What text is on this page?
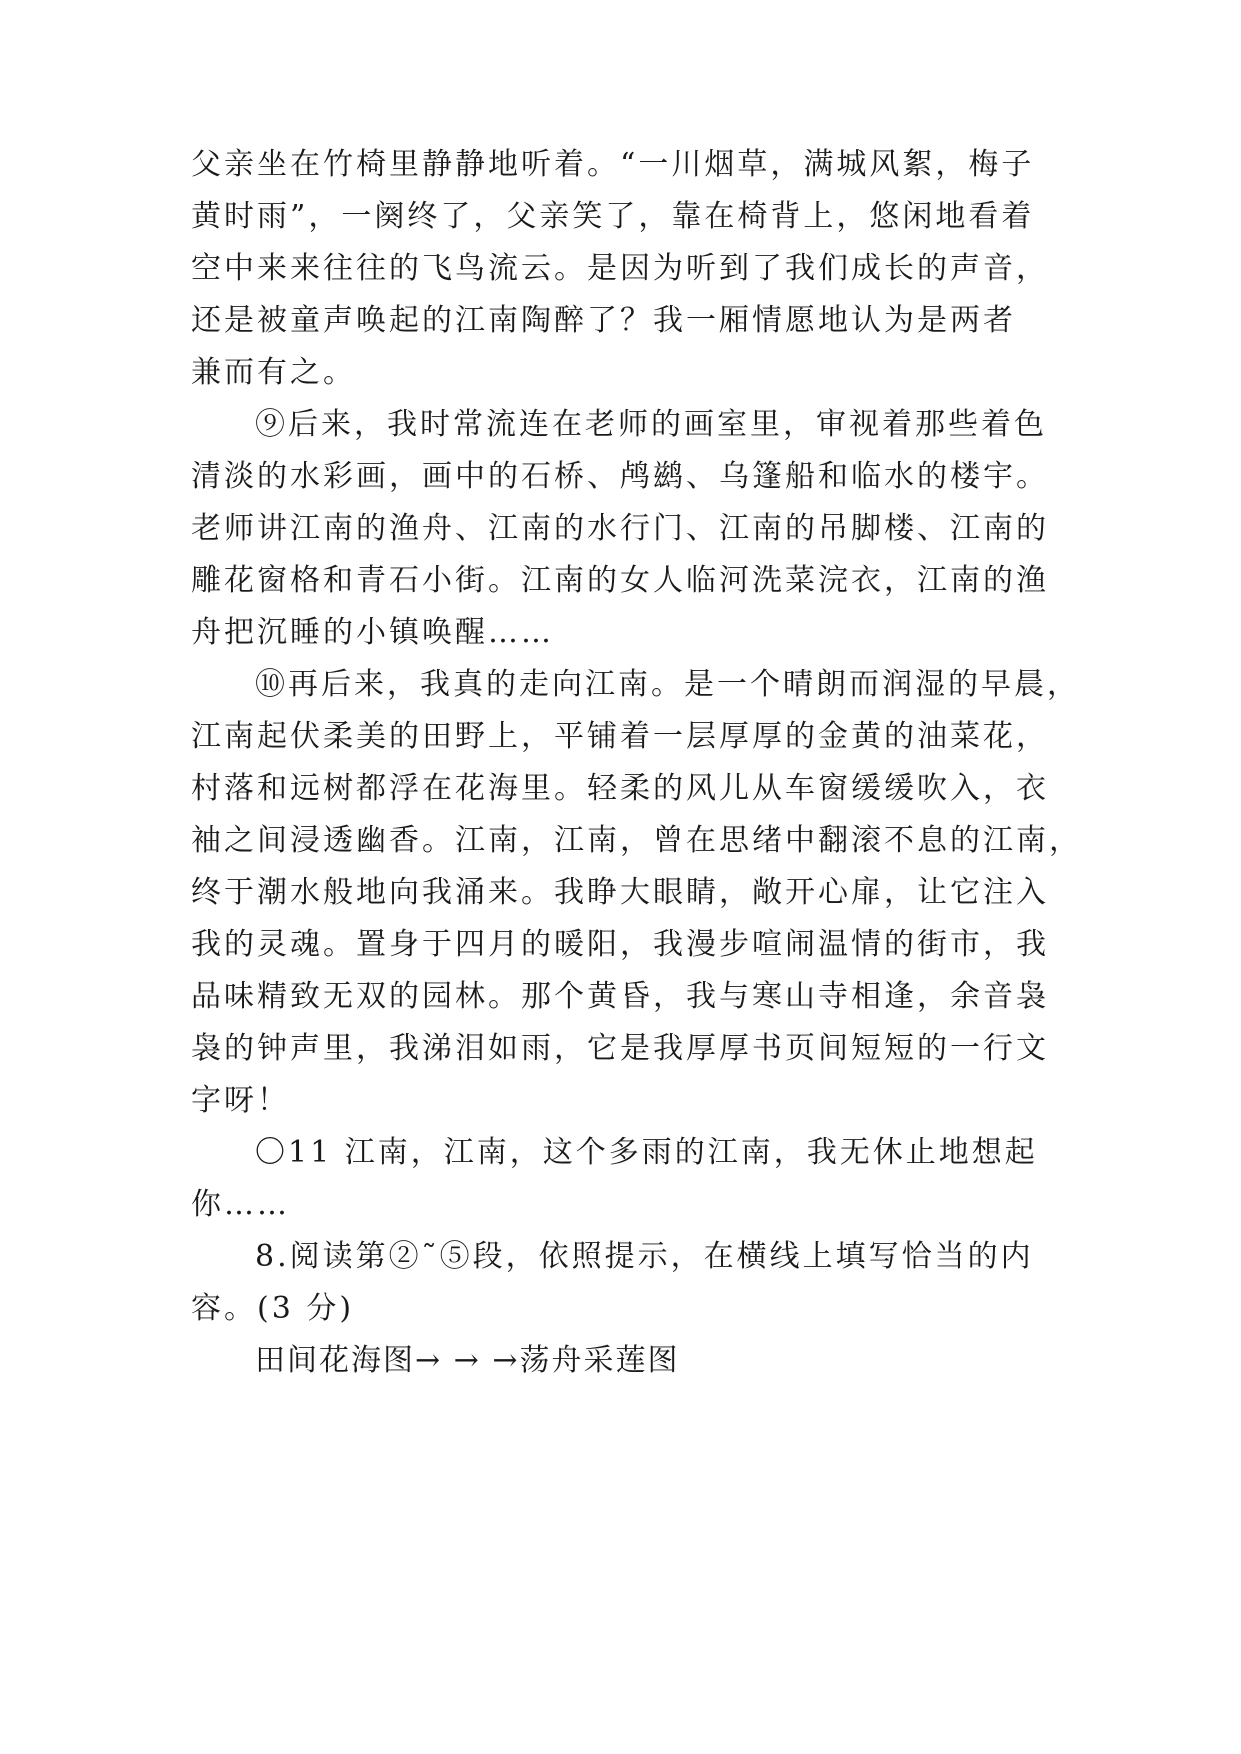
父亲坐在竹椅里静静地听着。“一川烟草，满城风絮，梅子
黄时雨”，一阕终了，父亲笑了，靠在椅背上，悠闲地看着
空中来来往往的飞鸟流云。是因为听到了我们成长的声音，
还是被童声唤起的江南陶醉了？我一厢情愿地认为是两者
兼而有之。
⑨后来，我时常流连在老师的画室里，审视着那些着色
清淡的水彩画，画中的石桥、鸬鹚、乌篷船和临水的楼宇。
老师讲江南的渔舟、江南的水行门、江南的吊脚楼、江南的
雕花窗格和青石小街。江南的女人临河洗菜浣衣，江南的渔
舟把沉睡的小镇唤醒……
⑩再后来，我真的走向江南。是一个晴朗而润湿的早晨，
江南起伏柔美的田野上，平铺着一层厚厚的金黄的油菜花，
村落和远树都浮在花海里。轻柔的风儿从车窗缓缓吹入，衣
袖之间浸透幽香。江南，江南，曾在思绪中翻滚不息的江南，
终于潮水般地向我涌来。我睁大眼睛，敞开心扉，让它注入
我的灵魂。置身于四月的暖阳，我漫步喧闹温情的街市，我
品味精致无双的园林。那个黄昏，我与寒山寺相逢，余音袅
袅的钟声里，我涕泪如雨，它是我厚厚书页间短短的一行文
字呀！
〇11 江南，江南，这个多雨的江南，我无休止地想起
你……
8.阅读第②˜⑤段，依照提示，在横线上填写恰当的内
容。(3 分)
田间花海图→ → →荡舟采莲图
